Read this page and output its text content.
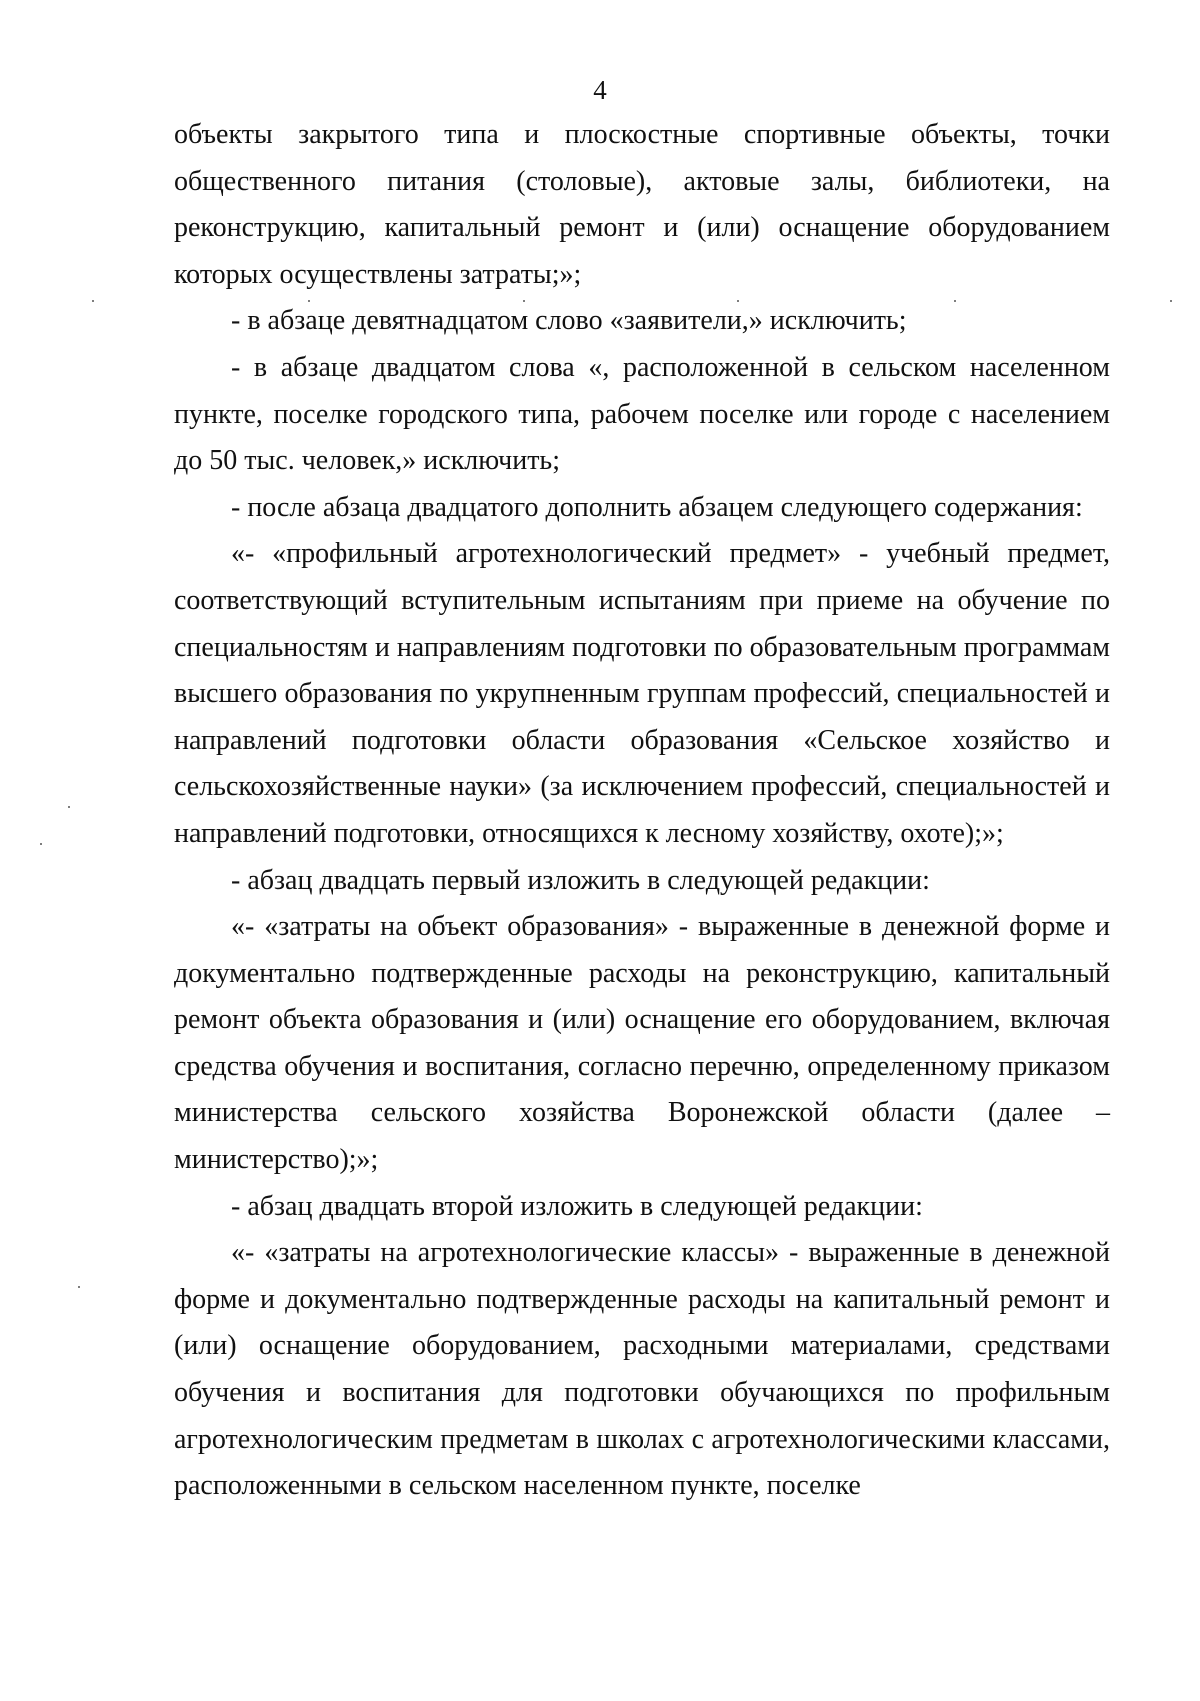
4

объекты закрытого типа и плоскостные спортивные объекты, точки общественного питания (столовые), актовые залы, библиотеки, на реконструкцию, капитальный ремонт и (или) оснащение оборудованием которых осуществлены затраты;»;

- в абзаце девятнадцатом слово «заявители,» исключить;

- в абзаце двадцатом слова «, расположенной в сельском населенном пункте, поселке городского типа, рабочем поселке или городе с населением до 50 тыс. человек,» исключить;

- после абзаца двадцатого дополнить абзацем следующего содержания:

«- «профильный агротехнологический предмет» - учебный предмет, соответствующий вступительным испытаниям при приеме на обучение по специальностям и направлениям подготовки по образовательным программам высшего образования по укрупненным группам профессий, специальностей и направлений подготовки области образования «Сельское хозяйство и сельскохозяйственные науки» (за исключением профессий, специальностей и направлений подготовки, относящихся к лесному хозяйству, охоте);»;

- абзац двадцать первый изложить в следующей редакции:

«- «затраты на объект образования» - выраженные в денежной форме и документально подтвержденные расходы на реконструкцию, капитальный ремонт объекта образования и (или) оснащение его оборудованием, включая средства обучения и воспитания, согласно перечню, определенному приказом министерства сельского хозяйства Воронежской области (далее – министерство);»;

- абзац двадцать второй изложить в следующей редакции:

«- «затраты на агротехнологические классы» - выраженные в денежной форме и документально подтвержденные расходы на капитальный ремонт и (или) оснащение оборудованием, расходными материалами, средствами обучения и воспитания для подготовки обучающихся по профильным агротехнологическим предметам в школах с агротехнологическими классами, расположенными в сельском населенном пункте, поселке
